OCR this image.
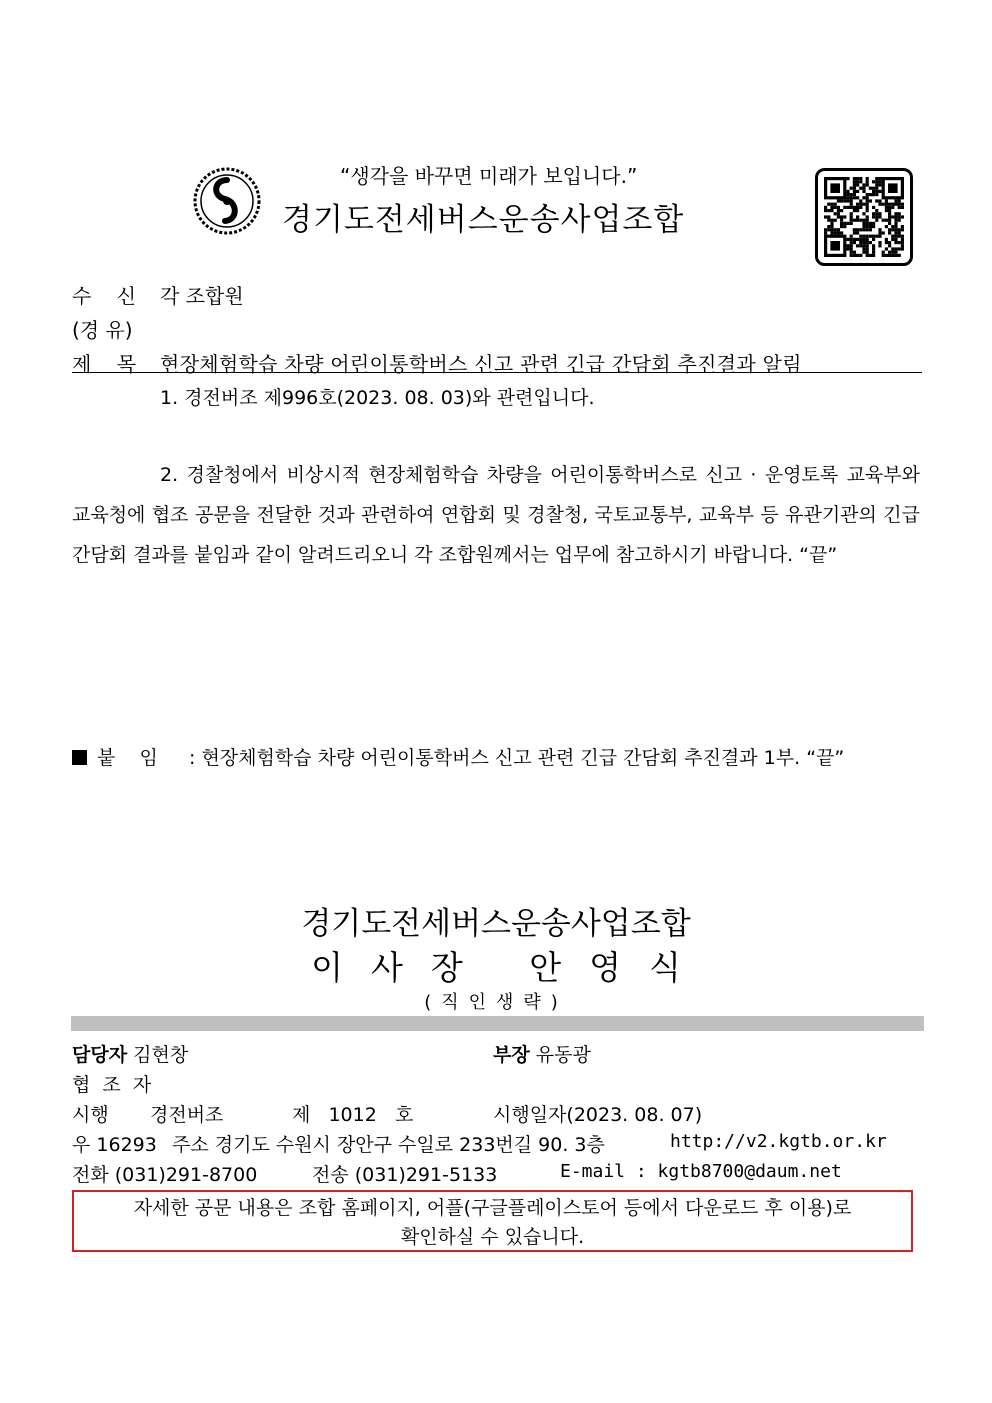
“생각을 바꾸면 미래가 보입니다.”
경기도전세버스운송사업조합
수    신 각 조합원
(경 유)
제    목 현장체험학습 차량 어린이통학버스 신고 관련 긴급 간담회 추진결과 알림
1. 경전버조 제996호(2023. 08. 03)와 관련입니다.
2. 경찰청에서 비상시적 현장체험학습 차량을 어린이통학버스로 신고 · 운영토록 교육부와 교육청에 협조 공문을 전달한 것과 관련하여 연합회 및 경찰청, 국토교통부, 교육부 등 유관기관의 긴급 간담회 결과를 붙임과 같이 알려드리오니 각 조합원께서는 업무에 참고하시기 바랍니다. “끝”
붙    임 : 현장체험학습 차량 어린이통학버스 신고 관련 긴급 간담회 추진결과 1부. “끝”
경기도전세버스운송사업조합
이 사 장 안 영 식
(직인생략)
담당자 김현창	부장 유동광
협  조  자
시행 경전버조	제   1012   호	시행일자(2023. 08. 07)
우 16293 주소 경기도 수원시 장안구 수일로 233번길 90. 3층	http://v2.kgtb.or.kr
전화 (031)291-8700	전송 (031)291-5133	E-mail : kgtb8700@daum.net
자세한 공문 내용은 조합 홈페이지, 어플(구글플레이스토어 등에서 다운로드 후 이용)로
확인하실 수 있습니다.
